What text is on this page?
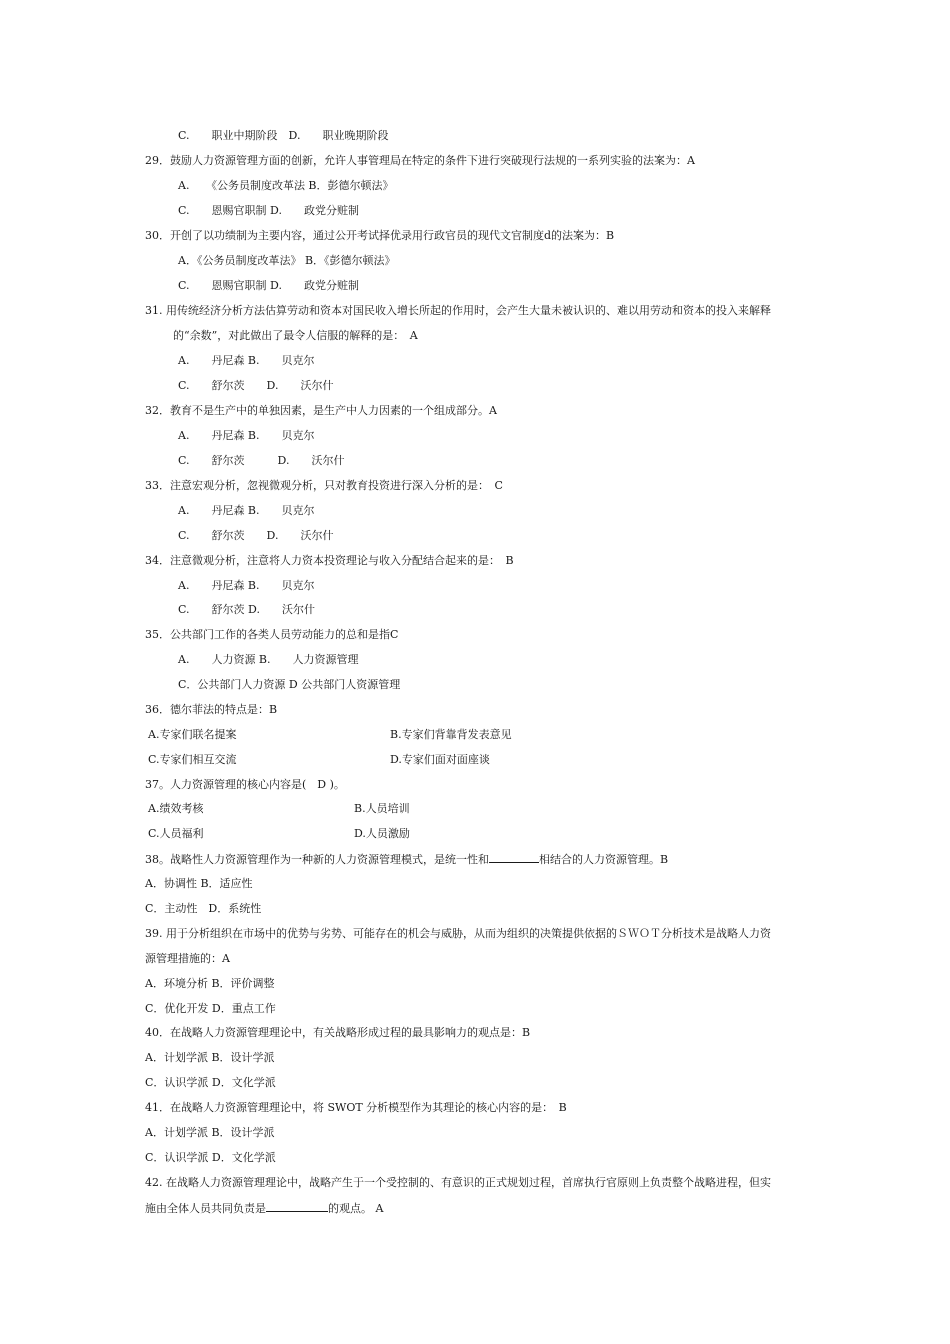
C.　　职业中期阶段　D.　　职业晚期阶段
29．鼓励人力资源管理方面的创新，允许人事管理局在特定的条件下进行突破现行法规的一系列实验的法案为：A
A.　　《公务员制度改革法 B．彭德尔顿法》
C.　　恩赐官职制 D.　　政党分赃制
30．开创了以功绩制为主要内容，通过公开考试择优录用行政官员的现代文官制度d的法案为：B
A．《公务员制度改革法》 B．《彭德尔顿法》
C.　　恩赐官职制 D.　　政党分赃制
31. 用传统经济分析方法估算劳动和资本对国民收入增长所起的作用时，会产生大量未被认识的、难以用劳动和资本的投入来解释
的“余数”，对此做出了最令人信服的解释的是：　A
A.　　丹尼森 B.　　贝克尔
C.　　舒尔茨　　D.　　沃尔什
32．教育不是生产中的单独因素，是生产中人力因素的一个组成部分。A
A.　　丹尼森 B.　　贝克尔
C.　　舒尔茨　　　D.　　沃尔什
33．注意宏观分析，忽视微观分析，只对教育投资进行深入分析的是：　C
A.　　丹尼森 B.　　贝克尔
C.　　舒尔茨　　D.　　沃尔什
34．注意微观分析，注意将人力资本投资理论与收入分配结合起来的是：　B
A.　　丹尼森 B.　　贝克尔
C.　　舒尔茨 D.　　沃尔什
35．公共部门工作的各类人员劳动能力的总和是指C
A.　　人力资源 B.　　人力资源管理
C．公共部门人力资源 D 公共部门人资源管理
36．德尔菲法的特点是：B
A.专家们联名提案	B.专家们背靠背发表意见
C.专家们相互交流	D.专家们面对面座谈
37。人力资源管理的核心内容是(　D )。
A.绩效考核	B.人员培训
C.人员福利	D.人员激励
38。战略性人力资源管理作为一种新的人力资源管理模式，是统一性和	相结合的人力资源管理。B
A．协调性 B．适应性
C．主动性　D．系统性
39. 用于分析组织在市场中的优势与劣势、可能存在的机会与威胁，从而为组织的决策提供依据的ＳＷＯＴ分析技术是战略人力资
源管理措施的：A
A．环境分析 B．评价调整
C．优化开发 D．重点工作
40．在战略人力资源管理理论中，有关战略形成过程的最具影响力的观点是：B
A．计划学派 B．设计学派
C．认识学派 D．文化学派
41．在战略人力资源管理理论中，将 SWOT 分析模型作为其理论的核心内容的是：　B
A．计划学派 B．设计学派
C．认识学派 D．文化学派
42. 在战略人力资源管理理论中，战略产生于一个受控制的、有意识的正式规划过程，首席执行官原则上负责整个战略进程，但实
施由全体人员共同负责是	的观点。 A
